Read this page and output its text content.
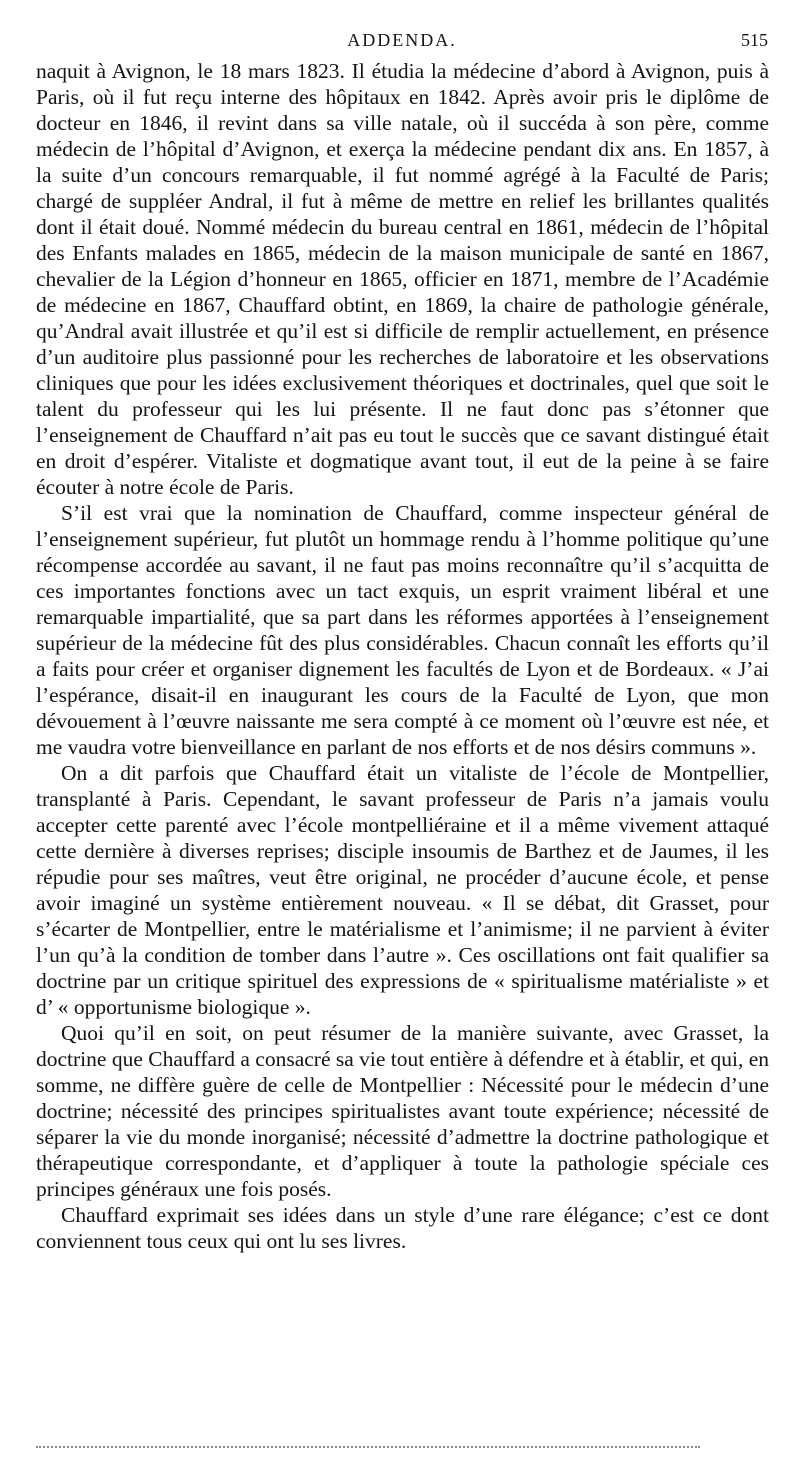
ADDENDA.	515

naquit à Avignon, le 18 mars 1823. Il étudia la médecine d’abord à Avignon, puis à Paris, où il fut reçu interne des hôpitaux en 1842. Après avoir pris le diplôme de docteur en 1846, il revint dans sa ville natale, où il succéda à son père, comme médecin de l’hôpital d’Avignon, et exerça la médecine pendant dix ans. En 1857, à la suite d’un concours remarquable, il fut nommé agrégé à la Faculté de Paris; chargé de suppléer Andral, il fut à même de mettre en relief les brillantes qualités dont il était doué. Nommé médecin du bureau central en 1861, médecin de l’hôpital des Enfants malades en 1865, médecin de la maison municipale de santé en 1867, chevalier de la Légion d’honneur en 1865, officier en 1871, membre de l’Académie de médecine en 1867, Chauffard obtint, en 1869, la chaire de pathologie générale, qu’Andral avait illustrée et qu’il est si difficile de remplir actuellement, en présence d’un auditoire plus passionné pour les recherches de laboratoire et les observations cliniques que pour les idées exclusivement théoriques et doctrinales, quel que soit le talent du professeur qui les lui présente. Il ne faut donc pas s’étonner que l’enseignement de Chauffard n’ait pas eu tout le succès que ce savant distingué était en droit d’espérer. Vitaliste et dogmatique avant tout, il eut de la peine à se faire écouter à notre école de Paris.

S’il est vrai que la nomination de Chauffard, comme inspecteur général de l’enseignement supérieur, fut plutôt un hommage rendu à l’homme politique qu’une récompense accordée au savant, il ne faut pas moins reconnaître qu’il s’acquitta de ces importantes fonctions avec un tact exquis, un esprit vraiment libéral et une remarquable impartialité, que sa part dans les réformes apportées à l’enseignement supérieur de la médecine fût des plus considérables. Chacun connaît les efforts qu’il a faits pour créer et organiser dignement les facultés de Lyon et de Bordeaux. « J’ai l’espérance, disait-il en inaugurant les cours de la Faculté de Lyon, que mon dévouement à l’œuvre naissante me sera compté à ce moment où l’œuvre est née, et me vaudra votre bienveillance en parlant de nos efforts et de nos désirs communs ».

On a dit parfois que Chauffard était un vitaliste de l’école de Montpellier, transplanté à Paris. Cependant, le savant professeur de Paris n’a jamais voulu accepter cette parenté avec l’école montpelliéraine et il a même vivement attaqué cette dernière à diverses reprises; disciple insoumis de Barthez et de Jaumes, il les répudie pour ses maîtres, veut être original, ne procéder d’aucune école, et pense avoir imaginé un système entièrement nouveau. « Il se débat, dit Grasset, pour s’écarter de Montpellier, entre le matérialisme et l’animisme; il ne parvient à éviter l’un qu’à la condition de tomber dans l’autre ». Ces oscillations ont fait qualifier sa doctrine par un critique spirituel des expressions de « spiritualisme matérialiste » et d’ « opportunisme biologique ».

Quoi qu’il en soit, on peut résumer de la manière suivante, avec Grasset, la doctrine que Chauffard a consacré sa vie tout entière à défendre et à établir, et qui, en somme, ne diffère guère de celle de Montpellier : Nécessité pour le médecin d’une doctrine; nécessité des principes spiritualistes avant toute expérience; nécessité de séparer la vie du monde inorganisé; nécessité d’admettre la doctrine pathologique et thérapeutique correspondante, et d’appliquer à toute la pathologie spéciale ces principes généraux une fois posés.

Chauffard exprimait ses idées dans un style d’une rare élégance; c’est ce dont conviennent tous ceux qui ont lu ses livres.
